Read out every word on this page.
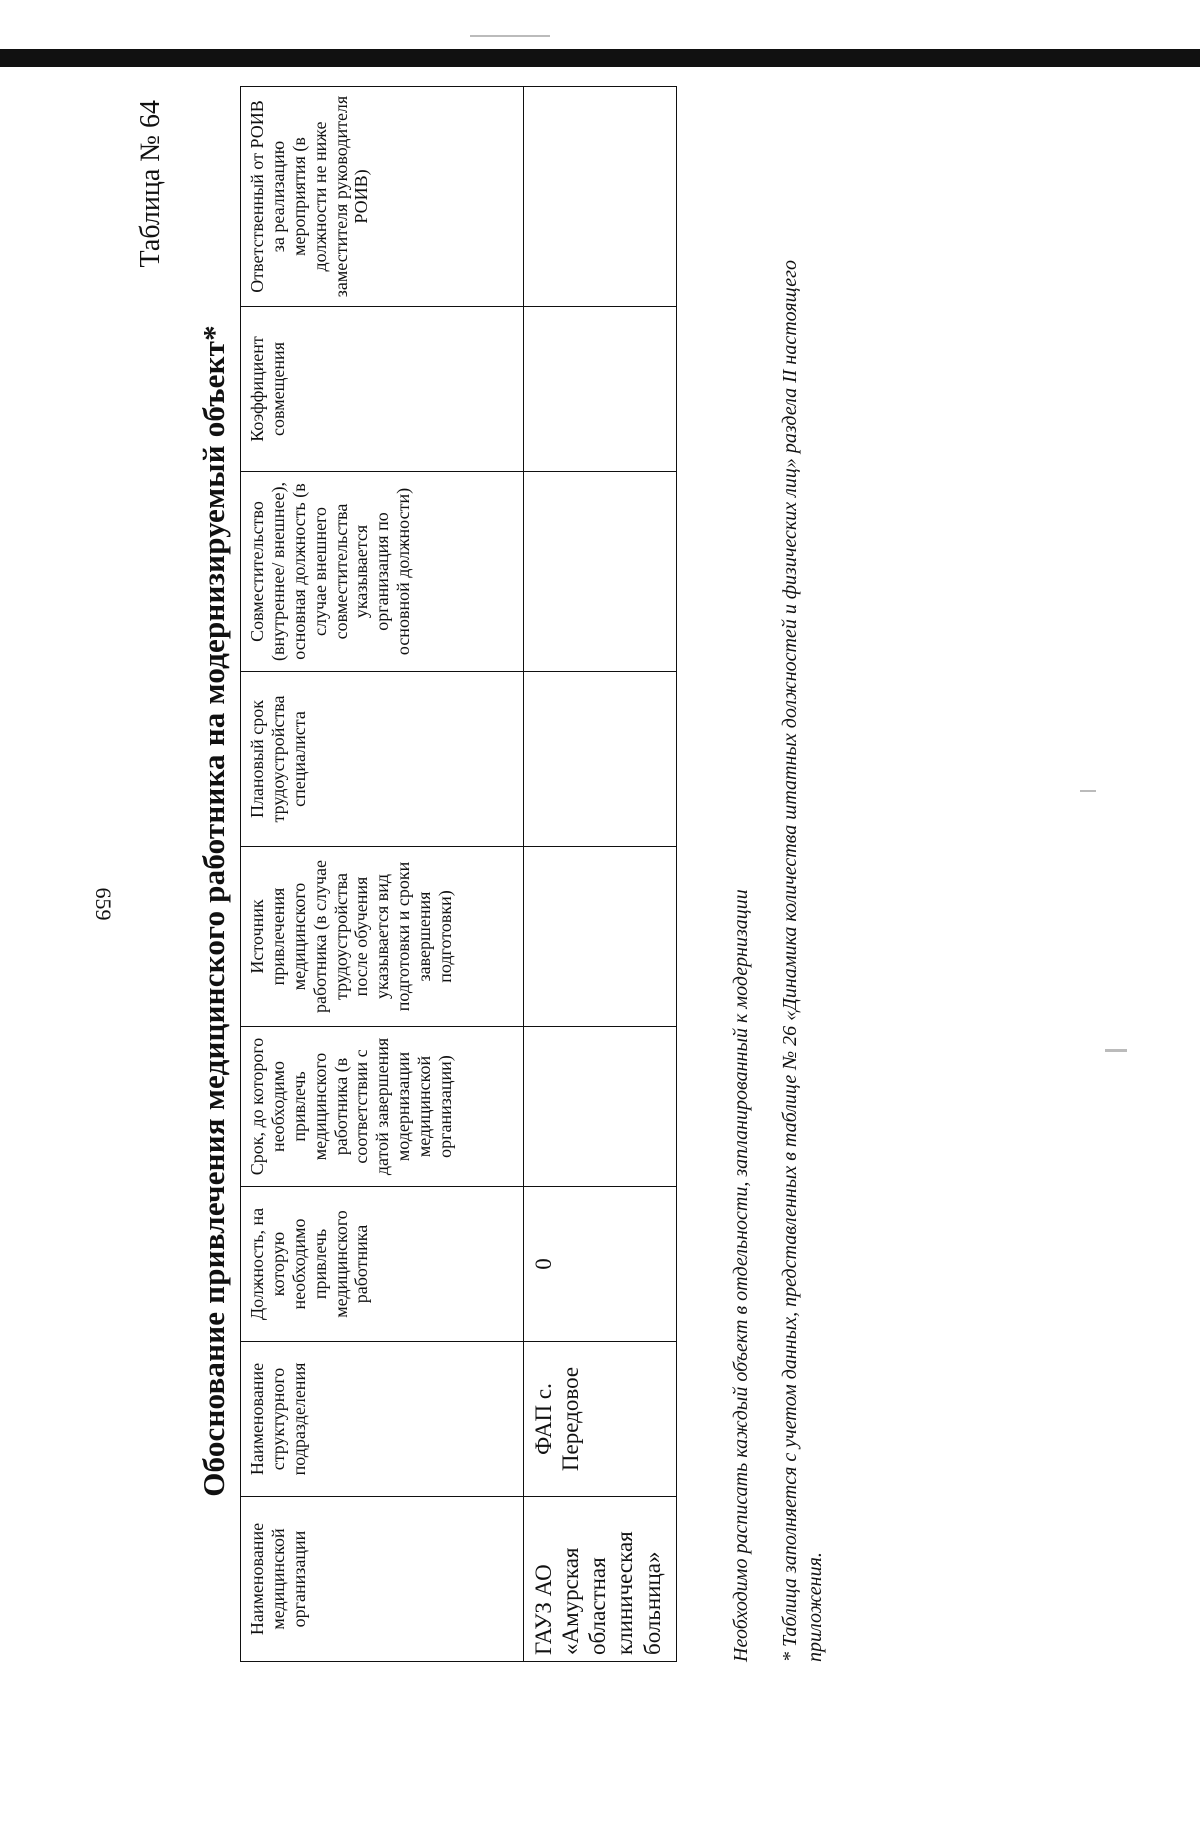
659
Таблица № 64
Обоснование привлечения медицинского работника на модернизируемый объект*
Наименование медицинской организации	Наименование структурного подразделения	Должность, на которую необходимо привлечь медицинского работника	Срок, до которого необходимо привлечь медицинского работника (в соответствии с датой завершения модернизации медицинской организации)	Источник привлечения медицинского работника (в случае трудоустройства после обучения указывается вид подготовки и сроки завершения подготовки)	Плановый срок трудоустройства специалиста	Совместительство (внутреннее/ внешнее), основная должность (в случае внешнего совместительства указывается организация по основной должности)	Коэффициент совмещения	Ответственный от РОИВ за реализацию мероприятия (в должности не ниже заместителя руководителя РОИВ)
ГАУЗ АО «Амурская областная клиническая больница»	ФАП с. Передовое	0							Необходимо расписать каждый объект в отдельности, запланированный к модернизации * Таблица заполняется с учетом данных, представленных в таблице № 26 «Динамика количества штатных должностей и физических лиц» раздела II настоящего приложения.
